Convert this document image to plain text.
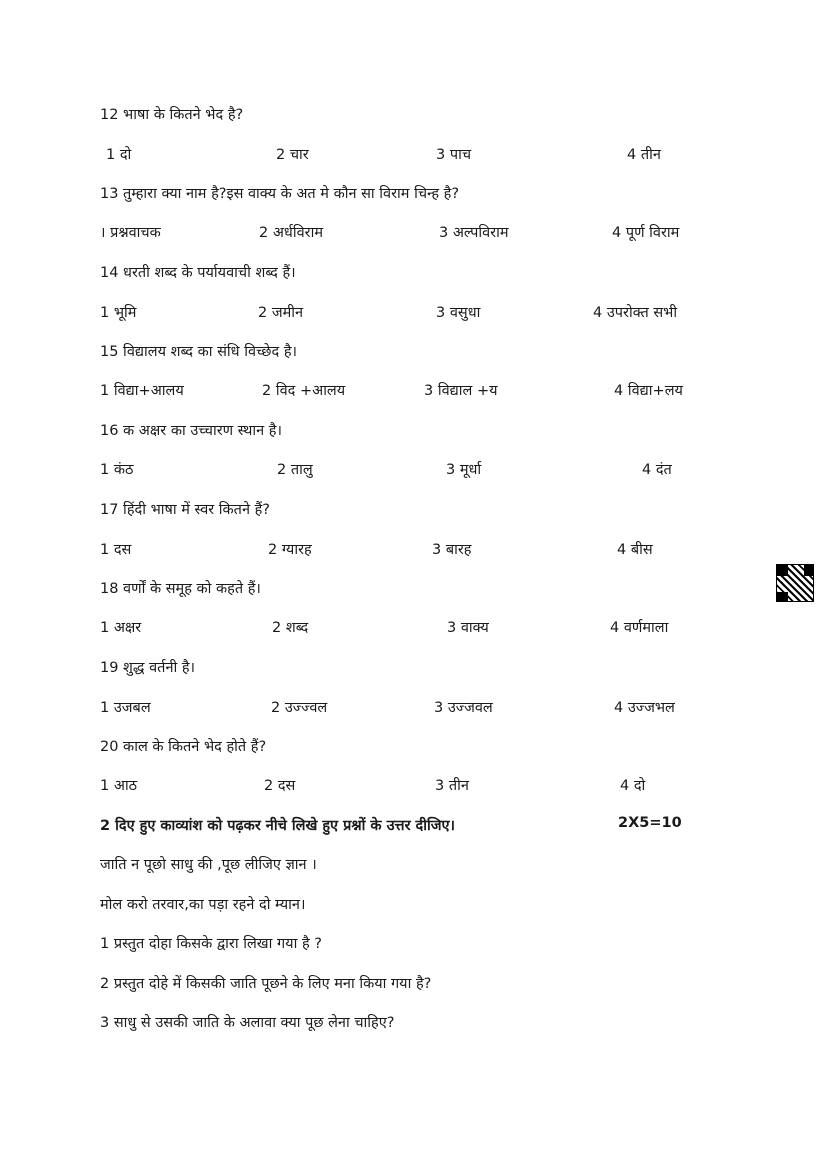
12 भाषा के कितने भेद है?
1 दो	2 चार	3 पाच	4 तीन
13 तुम्हारा क्या नाम है?इस वाक्य के अत मे कौन सा विराम चिन्ह है?
। प्रश्नवाचक	2 अर्धविराम	3 अल्पविराम	4 पूर्ण विराम
14 धरती शब्द के पर्यायवाची शब्द हैं।
1 भूमि	2 जमीन	3 वसुधा	4 उपरोक्त सभी
15 विद्यालय शब्द का संधि विच्छेद है।
1 विद्या+आलय	2 विद +आलय	3 विद्याल +य	4 विद्या+लय
16 क अक्षर का उच्चारण स्थान है।
1 कंठ	2 तालु	3 मूर्धा	4 दंत
17 हिंदी भाषा में स्वर कितने हैं?
1 दस	2 ग्यारह	3 बारह	4 बीस
18 वर्णों के समूह को कहते हैं।
1 अक्षर	2 शब्द	3 वाक्य	4 वर्णमाला
19 शुद्ध वर्तनी है।
1 उजबल	2 उज्ज्वल	3 उज्जवल	4 उज्जभल
20 काल के कितने भेद होते हैं?
1 आठ	2 दस	3 तीन	4 दो
2 दिए हुए काव्यांश को पढ़कर नीचे लिखे हुए प्रश्नों के उत्तर दीजिए।	2X5=10
जाति न पूछो साधु की ,पूछ लीजिए ज्ञान ।
मोल करो तरवार,का पड़ा रहने दो म्यान।
1 प्रस्तुत दोहा किसके द्वारा लिखा गया है ?
2 प्रस्तुत दोहे में किसकी जाति पूछने के लिए मना किया गया है?
3 साधु से उसकी जाति के अलावा क्या पूछ लेना चाहिए?
